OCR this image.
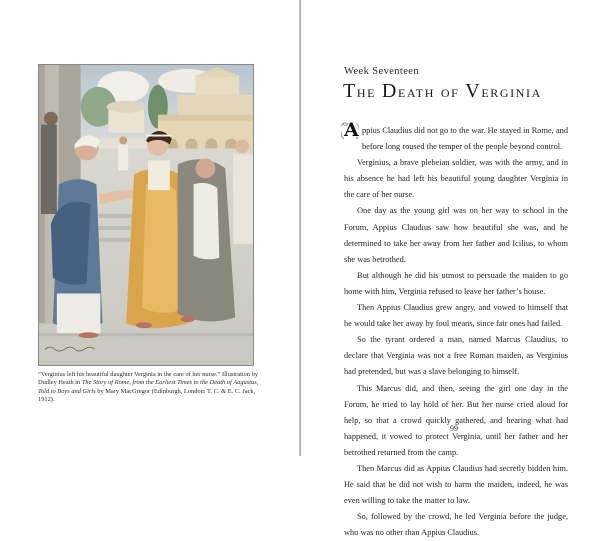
“Verginius left his beautiful daughter Verginia in the care of her nurse.” Illustration by Dudley Heath in The Story of Rome, from the Earliest Times to the Death of Augustus, Told to Boys and Girls by Mary MacGregor (Edinburgh, London: T. C. & E. C. Jack, 1912).

Week Seventeen

The Death of Verginia

A ppius Claudius did not go to the war. He stayed in Rome, and before long roused the temper of the people beyond control.

Verginius, a brave plebeian soldier, was with the army, and in his absence he had left his beautiful young daughter Verginia in the care of her nurse.

One day as the young girl was on her way to school in the Forum, Appius Claudius saw how beautiful she was, and he determined to take her away from her father and Icilius, to whom she was betrothed.

But although he did his utmost to persuade the maiden to go home with him, Verginia refused to leave her father’s house.

Then Appius Claudius grew angry, and vowed to himself that he would take her away by foul means, since fair ones had failed.

So the tyrant ordered a man, named Marcus Claudius, to declare that Verginia was not a free Roman maiden, as Verginius had pretended, but was a slave belonging to himself.

This Marcus did, and then, seeing the girl one day in the Forum, he tried to lay hold of her. But her nurse cried aloud for help, so that a crowd quickly gathered, and hearing what had happened, it vowed to protect Verginia, until her father and her betrothed returned from the camp.

Then Marcus did as Appius Claudius had secretly bidden him. He said that he did not wish to harm the maiden, indeed, he was even willing to take the matter to law.

So, followed by the crowd, he led Verginia before the judge, who was no other than Appius Claudius.

99
